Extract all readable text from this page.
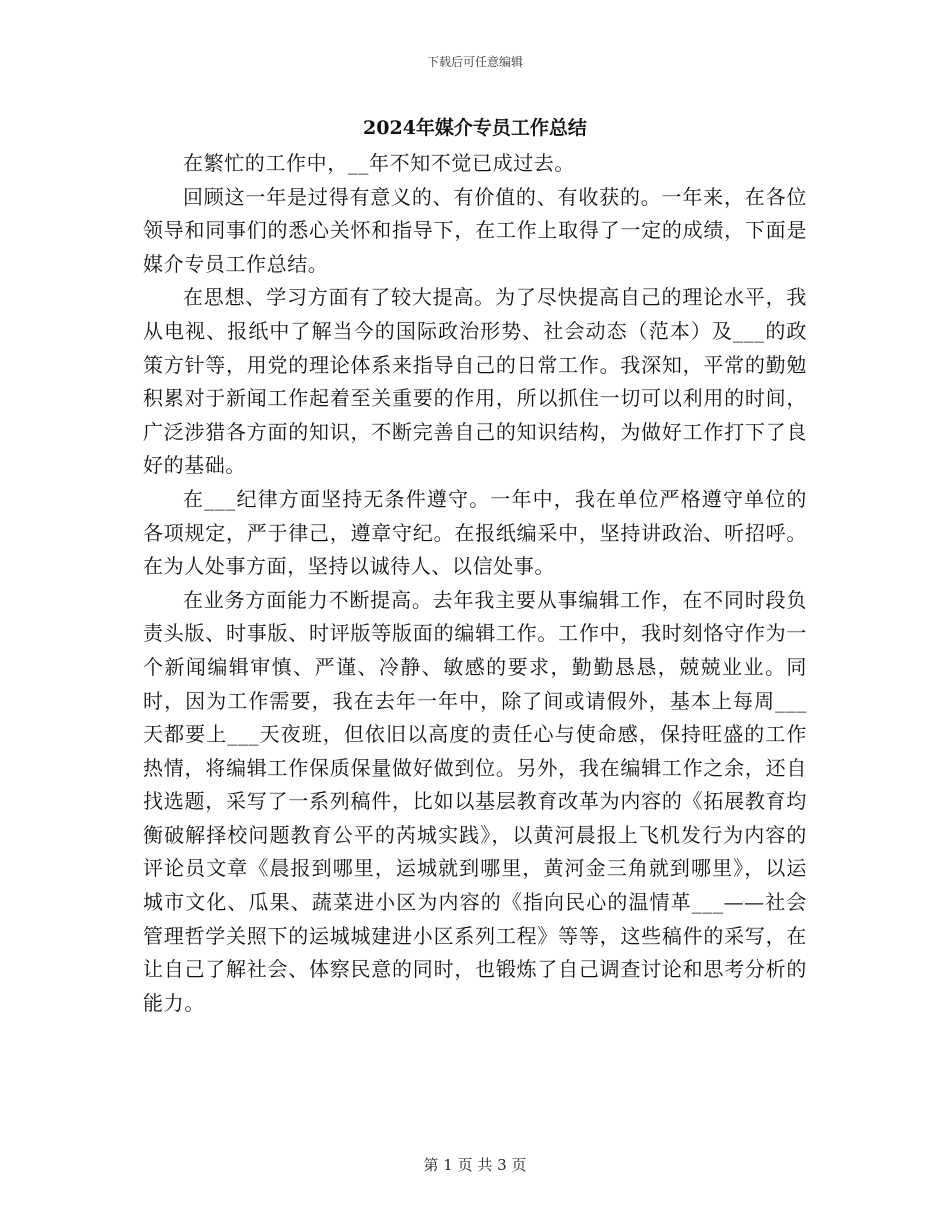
下载后可任意编辑
2024年媒介专员工作总结

在繁忙的工作中，__年不知不觉已成过去。

回顾这一年是过得有意义的、有价值的、有收获的。一年来，在各位领导和同事们的悉心关怀和指导下，在工作上取得了一定的成绩，下面是媒介专员工作总结。

在思想、学习方面有了较大提高。为了尽快提高自己的理论水平，我从电视、报纸中了解当今的国际政治形势、社会动态（范本）及___的政策方针等，用党的理论体系来指导自己的日常工作。我深知，平常的勤勉积累对于新闻工作起着至关重要的作用，所以抓住一切可以利用的时间，广泛涉猎各方面的知识，不断完善自己的知识结构，为做好工作打下了良好的基础。

在___纪律方面坚持无条件遵守。一年中，我在单位严格遵守单位的各项规定，严于律己，遵章守纪。在报纸编采中，坚持讲政治、听招呼。在为人处事方面，坚持以诚待人、以信处事。

在业务方面能力不断提高。去年我主要从事编辑工作，在不同时段负责头版、时事版、时评版等版面的编辑工作。工作中，我时刻恪守作为一个新闻编辑审慎、严谨、冷静、敏感的要求，勤勤恳恳，兢兢业业。同时，因为工作需要，我在去年一年中，除了间或请假外，基本上每周___天都要上___天夜班，但依旧以高度的责任心与使命感，保持旺盛的工作热情，将编辑工作保质保量做好做到位。另外，我在编辑工作之余，还自找选题，采写了一系列稿件，比如以基层教育改革为内容的《拓展教育均衡破解择校问题教育公平的芮城实践》，以黄河晨报上飞机发行为内容的评论员文章《晨报到哪里，运城就到哪里，黄河金三角就到哪里》，以运城市文化、瓜果、蔬菜进小区为内容的《指向民心的温情革___——社会管理哲学关照下的运城城建进小区系列工程》等等，这些稿件的采写，在让自己了解社会、体察民意的同时，也锻炼了自己调查讨论和思考分析的能力。

第 1 页 共 3 页
